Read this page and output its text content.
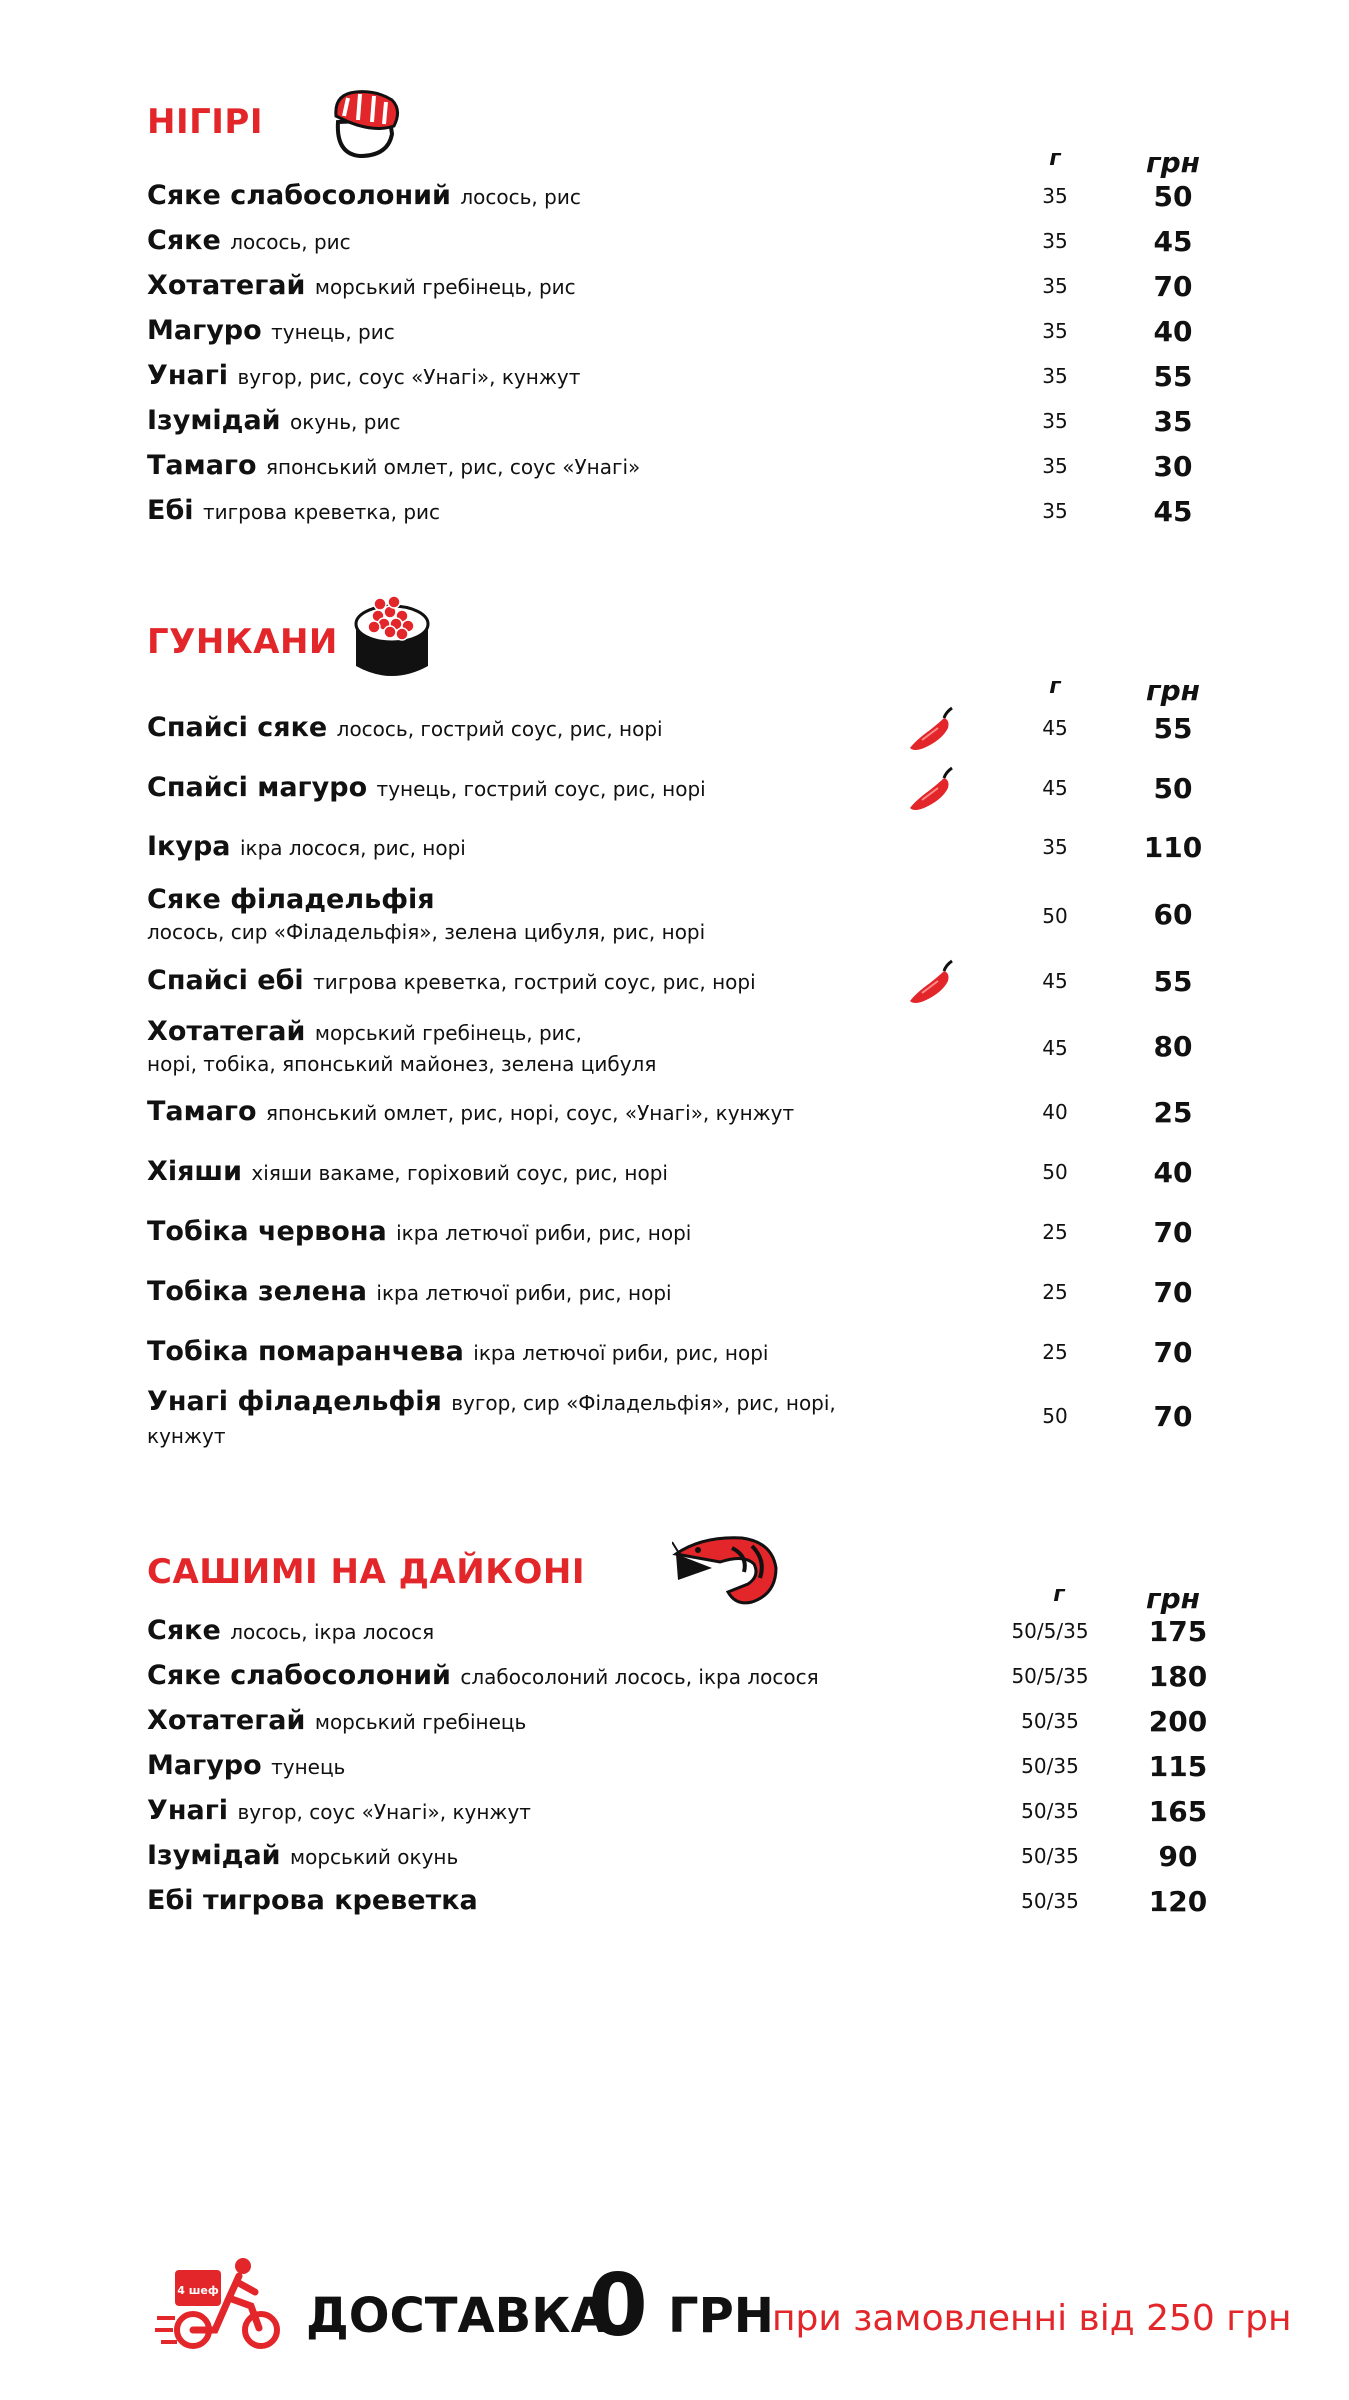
НІГІРІ
г	грн
Сяке слабосолоний лосось, рис	35	50
Сяке лосось, рис	35	45
Хотатегай морський гребінець, рис	35	70
Магуро тунець, рис	35	40
Унагі вугор, рис, соус «Унагі», кунжут	35	55
Ізумідай окунь, рис	35	35
Тамаго японський омлет, рис, соус «Унагі»	35	30
Ебі тигрова креветка, рис	35	45
ГУНКАНИ
г	грн
Спайсі сяке лосось, гострий соус, рис, норі	45	55
Спайсі магуро тунець, гострий соус, рис, норі	45	50
Ікура ікра лосося, рис, норі	35	110
Сяке філадельфія
лосось, сир «Філадельфія», зелена цибуля, рис, норі
50	60
Спайсі ебі тигрова креветка, гострий соус, рис, норі	45	55
Хотатегай морський гребінець, рис,
норі, тобіка, японський майонез, зелена цибуля
45	80
Тамаго японський омлет, рис, норі, соус, «Унагі», кунжут	40	25
Хіяши хіяши вакаме, горіховий соус, рис, норі	50	40
Тобіка червона ікра летючої риби, рис, норі	25	70
Тобіка зелена ікра летючої риби, рис, норі	25	70
Тобіка помаранчева ікра летючої риби, рис, норі	25	70
Унагі філадельфія вугор, сир «Філадельфія», рис, норі,
кунжут
50	70
САШИМІ НА ДАЙКОНІ
г	грн
Сяке лосось, ікра лосося	50/5/35	175
Сяке слабосолоний слабосолоний лосось, ікра лосося	50/5/35	180
Хотатегай морський гребінець	50/35	200
Магуро тунець	50/35	115
Унагі вугор, соус «Унагі», кунжут	50/35	165
Ізумідай морський окунь	50/35	90
Ебі тигрова креветка	50/35	120
4 шеф ДОСТАВКА
0 ГРН
при замовленні від 250 грн
